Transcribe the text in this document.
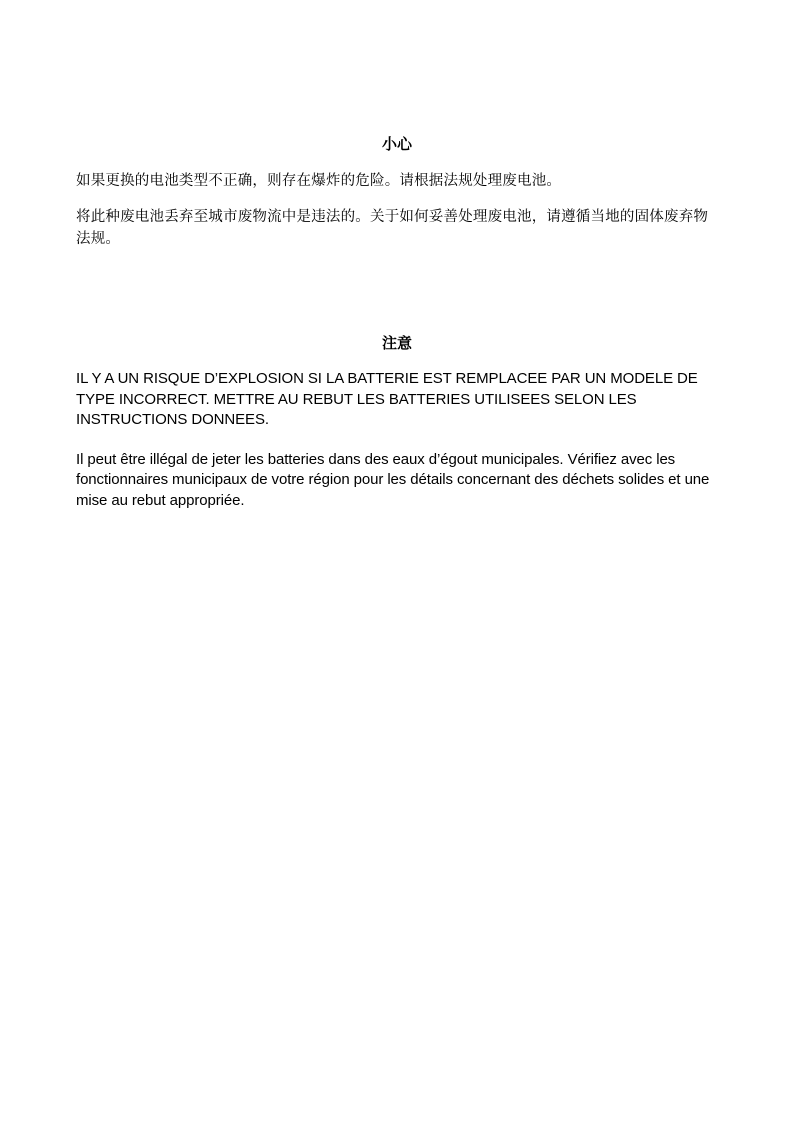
小心

如果更换的电池类型不正确，则存在爆炸的危险。请根据法规处理废电池。

将此种废电池丢弃至城市废物流中是违法的。关于如何妥善处理废电池，请遵循当地的固体废弃物法规。

注意

IL Y A UN RISQUE D’EXPLOSION SI LA BATTERIE EST REMPLACEE PAR UN MODELE DE TYPE INCORRECT. METTRE AU REBUT LES BATTERIES UTILISEES SELON LES INSTRUCTIONS DONNEES.

Il peut être illégal de jeter les batteries dans des eaux d’égout municipales. Vérifiez avec les fonctionnaires municipaux de votre région pour les détails concernant des déchets solides et une mise au rebut appropriée.
